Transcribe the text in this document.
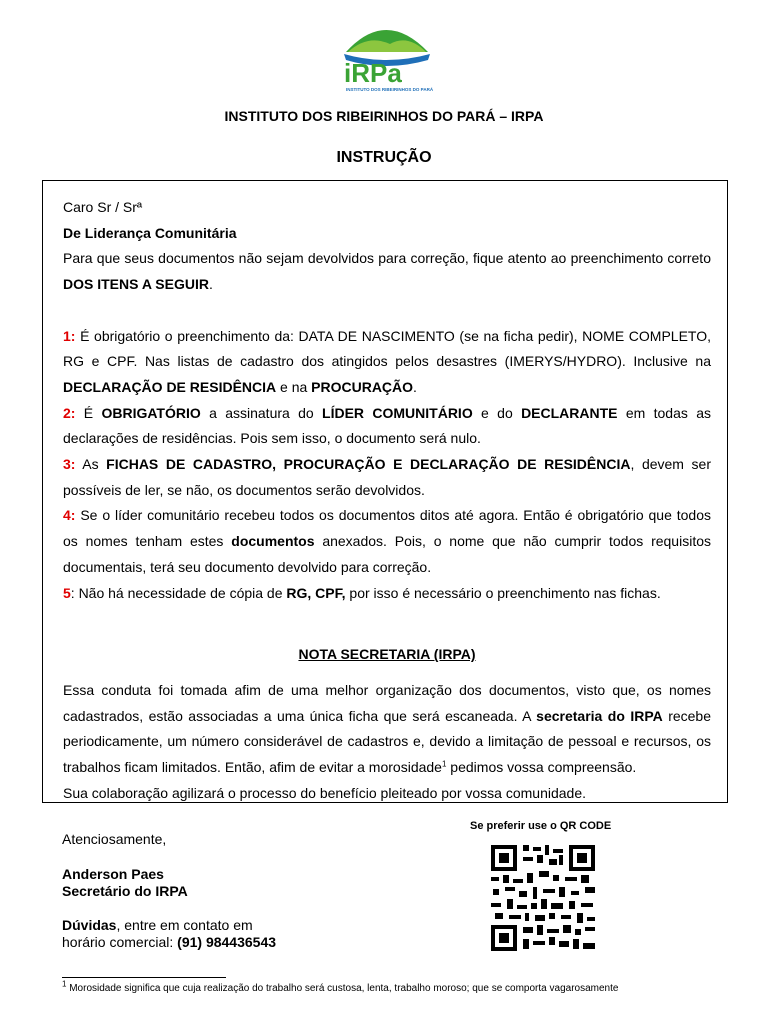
iRPa
INSTITUTO DOS RIBEIRINHOS DO PARÁ
INSTITUTO DOS RIBEIRINHOS DO PARÁ – IRPA
INSTRUÇÃO

Caro Sr / Srª

De Liderança Comunitária

Para que seus documentos não sejam devolvidos para correção, fique atento ao preenchimento correto DOS ITENS A SEGUIR.

1: É obrigatório o preenchimento da: DATA DE NASCIMENTO (se na ficha pedir), NOME COMPLETO, RG e CPF. Nas listas de cadastro dos atingidos pelos desastres (IMERYS/HYDRO). Inclusive na DECLARAÇÃO DE RESIDÊNCIA e na PROCURAÇÃO.

2: É OBRIGATÓRIO a assinatura do LÍDER COMUNITÁRIO e do DECLARANTE em todas as declarações de residências. Pois sem isso, o documento será nulo.

3: As FICHAS DE CADASTRO, PROCURAÇÃO E DECLARAÇÃO DE RESIDÊNCIA, devem ser possíveis de ler, se não, os documentos serão devolvidos.

4: Se o líder comunitário recebeu todos os documentos ditos até agora. Então é obrigatório que todos os nomes tenham estes documentos anexados. Pois, o nome que não cumprir todos requisitos documentais, terá seu documento devolvido para correção.

5: Não há necessidade de cópia de RG, CPF, por isso é necessário o preenchimento nas fichas.

NOTA SECRETARIA (IRPA)

Essa conduta foi tomada afim de uma melhor organização dos documentos, visto que, os nomes cadastrados, estão associadas a uma única ficha que será escaneada. A secretaria do IRPA recebe periodicamente, um número considerável de cadastros e, devido a limitação de pessoal e recursos, os trabalhos ficam limitados. Então, afim de evitar a morosidade$^1$ pedimos vossa compreensão.

Sua colaboração agilizará o processo do benefício pleiteado por vossa comunidade.

Atenciosamente,
Anderson Paes
Secretário do IRPA
Dúvidas, entre em contato em
horário comercial: (91) 984436543
Se preferir use o QR CODE
$^1$ Morosidade significa que cuja realização do trabalho será custosa, lenta, trabalho moroso; que se comporta vagarosamente
